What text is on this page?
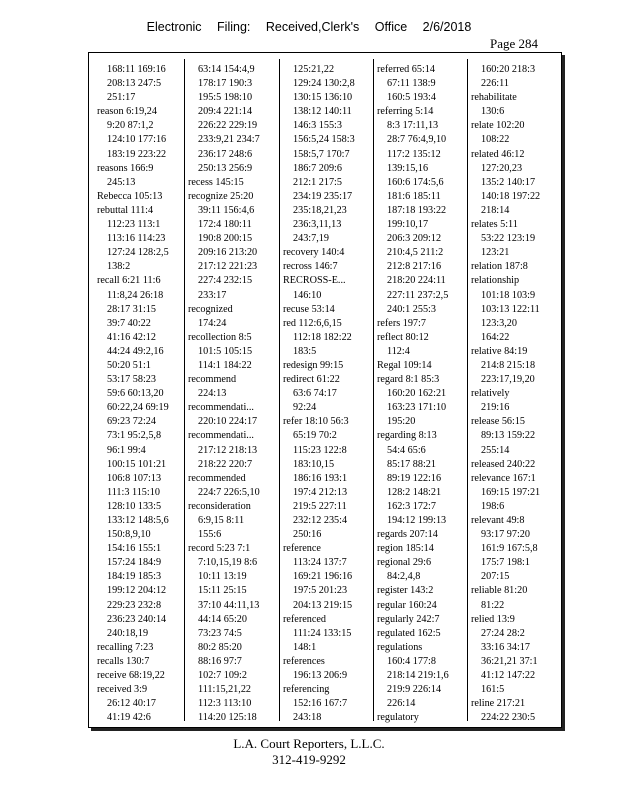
Electronic Filing: Received,Clerk's Office 2/6/2018
Page 284
168:11 169:16
208:13 247:5
251:17
reason 6:19,24
9:20 87:1,2
124:10 177:16
183:19 223:22
reasons 166:9
245:13
Rebecca 105:13
rebuttal 111:4
112:23 113:1
113:16 114:23
127:24 128:2,5
138:2
recall 6:21 11:6
11:8,24 26:18
28:17 31:15
39:7 40:22
41:16 42:12
44:24 49:2,16
50:20 51:1
53:17 58:23
59:6 60:13,20
60:22,24 69:19
69:23 72:24
73:1 95:2,5,8
96:1 99:4
100:15 101:21
106:8 107:13
111:3 115:10
128:10 133:5
133:12 148:5,6
150:8,9,10
154:16 155:1
157:24 184:9
184:19 185:3
199:12 204:12
229:23 232:8
236:23 240:14
240:18,19
recalling 7:23
recalls 130:7
receive 68:19,22
received 3:9
26:12 40:17
41:19 42:6
63:14 154:4,9
178:17 190:3
195:5 198:10
209:4 221:14
226:22 229:19
233:9,21 234:7
236:17 248:6
250:13 256:9
recess 145:15
recognize 25:20
39:11 156:4,6
172:4 180:11
190:8 200:15
209:16 213:20
217:12 221:23
227:4 232:15
233:17
recognized
174:24
recollection 8:5
101:5 105:15
114:1 184:22
recommend
224:13
recommendati...
220:10 224:17
recommendati...
217:12 218:13
218:22 220:7
recommended
224:7 226:5,10
reconsideration
6:9,15 8:11
155:6
record 5:23 7:1
7:10,15,19 8:6
10:11 13:19
15:11 25:15
37:10 44:11,13
44:14 65:20
73:23 74:5
80:2 85:20
88:16 97:7
102:7 109:2
111:15,21,22
112:3 113:10
114:20 125:18
125:21,22
129:24 130:2,8
130:15 136:10
138:12 140:11
146:3 155:3
156:5,24 158:3
158:5,7 170:7
186:7 209:6
212:1 217:5
234:19 235:17
235:18,21,23
236:3,11,13
243:7,19
recovery 140:4
recross 146:7
RECROSS-E...
146:10
recuse 53:14
red 112:6,6,15
112:18 182:22
183:5
redesign 99:15
redirect 61:22
63:6 74:17
92:24
refer 18:10 56:3
65:19 70:2
115:23 122:8
183:10,15
186:16 193:1
197:4 212:13
219:5 227:11
232:12 235:4
250:16
reference
113:24 137:7
169:21 196:16
197:5 201:23
204:13 219:15
referenced
111:24 133:15
148:1
references
196:13 206:9
referencing
152:16 167:7
243:18
referred 65:14
67:11 138:9
160:5 193:4
referring 5:14
8:3 17:11,13
28:7 76:4,9,10
117:2 135:12
139:15,16
160:6 174:5,6
181:6 185:11
187:18 193:22
199:10,17
206:3 209:12
210:4,5 211:2
212:8 217:16
218:20 224:11
227:11 237:2,5
240:1 255:3
refers 197:7
reflect 80:12
112:4
Regal 109:14
regard 8:1 85:3
160:20 162:21
163:23 171:10
195:20
regarding 8:13
54:4 65:6
85:17 88:21
89:19 122:16
128:2 148:21
162:3 172:7
194:12 199:13
regards 207:14
region 185:14
regional 29:6
84:2,4,8
register 143:2
regular 160:24
regularly 242:7
regulated 162:5
regulations
160:4 177:8
218:14 219:1,6
219:9 226:14
226:14
regulatory
160:20 218:3
226:11
rehabilitate
130:6
relate 102:20
108:22
related 46:12
127:20,23
135:2 140:17
140:18 197:22
218:14
relates 5:11
53:22 123:19
123:21
relation 187:8
relationship
101:18 103:9
103:13 122:11
123:3,20
164:22
relative 84:19
214:8 215:18
223:17,19,20
relatively
219:16
release 56:15
89:13 159:22
255:14
released 240:22
relevance 167:1
169:15 197:21
198:6
relevant 49:8
93:17 97:20
161:9 167:5,8
175:7 198:1
207:15
reliable 81:20
81:22
relied 13:9
27:24 28:2
33:16 34:17
36:21,21 37:1
41:12 147:22
161:5
reline 217:21
224:22 230:5
L.A. Court Reporters, L.L.C.
312-419-9292
